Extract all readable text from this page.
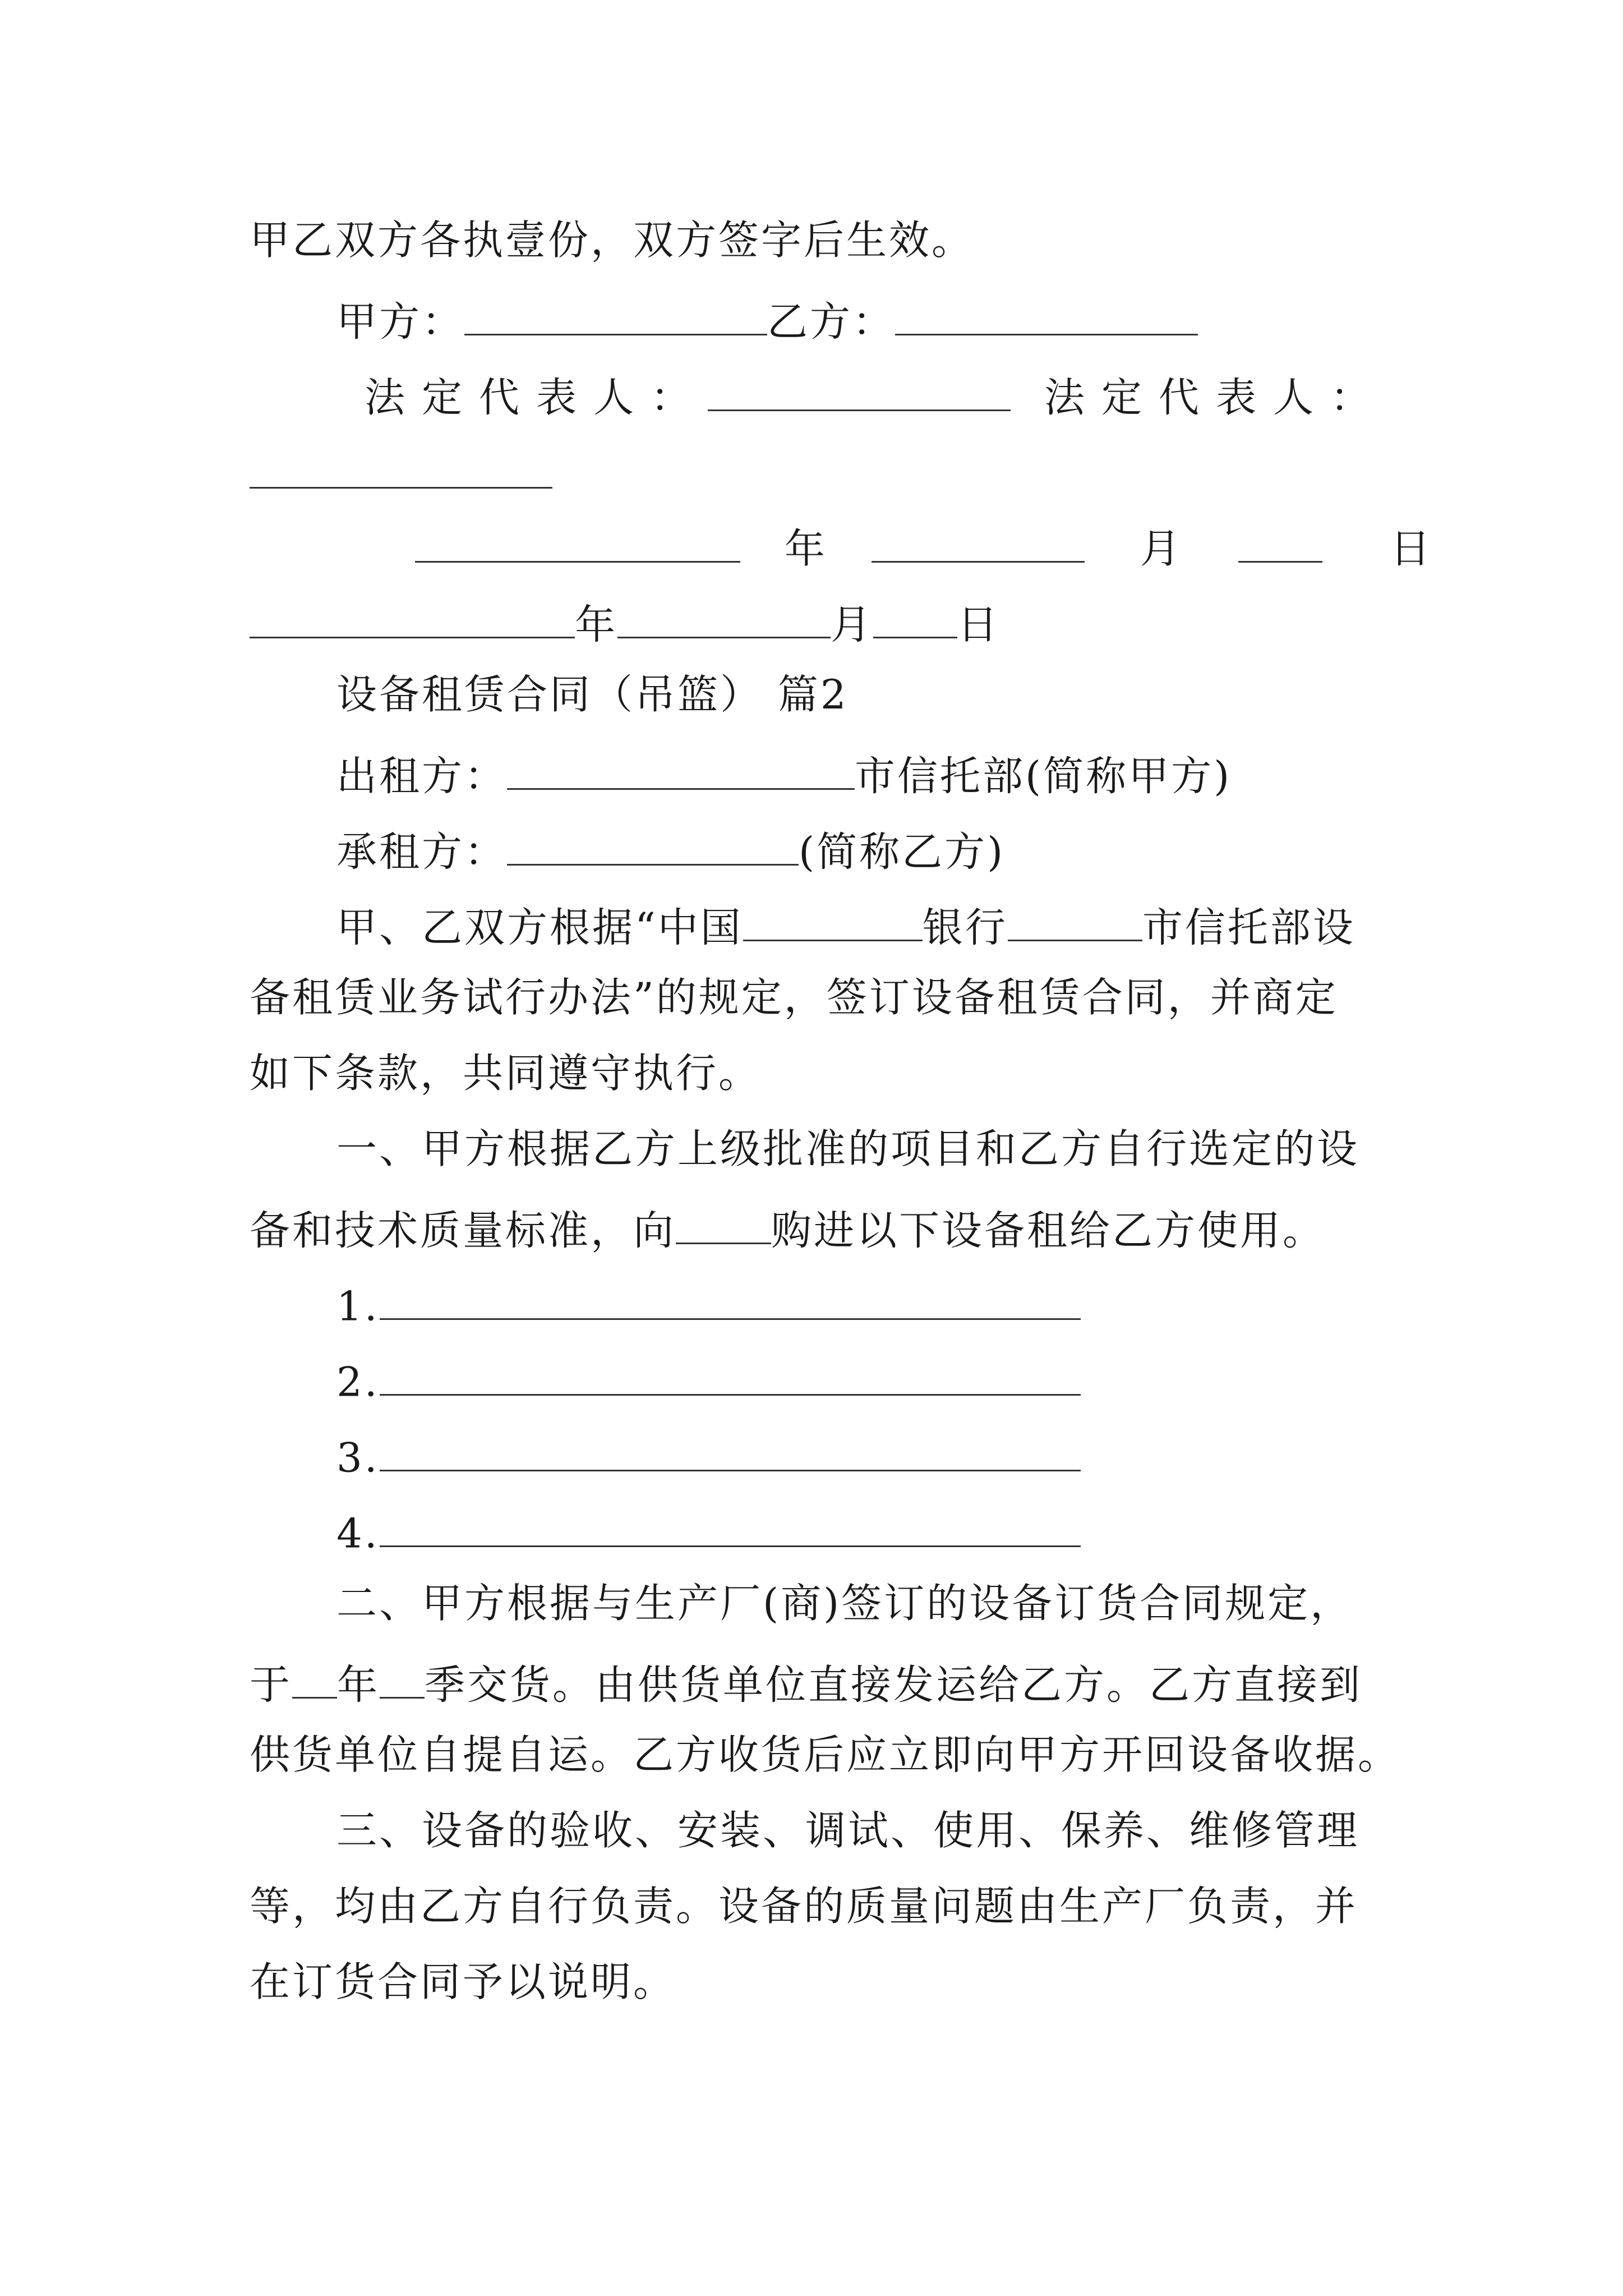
甲乙双方各执壹份，双方签字后生效。
甲方：	乙方：
法定代表人：	法定代表人：
年	月	日
年	月 日
设备租赁合同（吊篮） 篇2
出租方：	市信托部(简称甲方)
承租方：	(简称乙方)
甲、乙双方根据“中国	银行	市信托部设
备租赁业务试行办法”的规定，签订设备租赁合同，并商定
如下条款，共同遵守执行。
一、甲方根据乙方上级批准的项目和乙方自行选定的设
备和技术质量标准，向 购进以下设备租给乙方使用。
1.
2.
3.
4.
二、甲方根据与生产厂(商)签订的设备订货合同规定，
于 年 季交货。由供货单位直接发运给乙方。乙方直接到
供货单位自提自运。乙方收货后应立即向甲方开回设备收据。
三、设备的验收、安装、调试、使用、保养、维修管理
等，均由乙方自行负责。设备的质量问题由生产厂负责，并
在订货合同予以说明。
